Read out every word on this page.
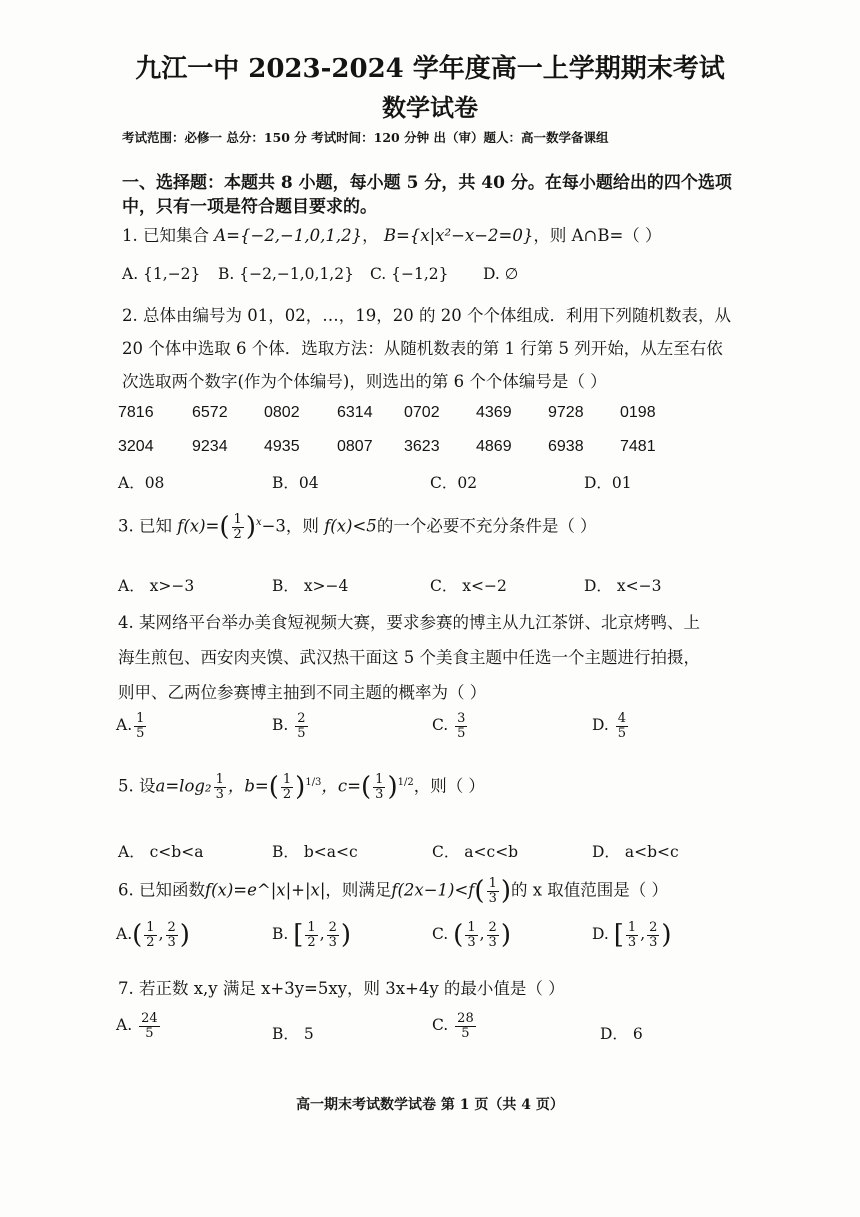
九江一中 2023-2024 学年度高一上学期期末考试
数学试卷
考试范围：必修一 总分：150 分 考试时间：120 分钟 出（审）题人：高一数学备课组
一、选择题：本题共 8 小题，每小题 5 分，共 40 分。在每小题给出的四个选项
中，只有一项是符合题目要求的。
1. 已知集合 A={−2,−1,0,1,2}， B={x|x²−x−2=0}，则 A∩B=（ ）
A. {1,−2} B. {−2,−1,0,1,2} C. {−1,2} D. ∅
2. 总体由编号为 01，02，…，19，20 的 20 个个体组成．利用下列随机数表，从
20 个体中选取 6 个体．选取方法：从随机数表的第 1 行第 5 列开始，从左至右依
次选取两个数字(作为个体编号)，则选出的第 6 个个体编号是（ ）
7816 6572 0802 6314 0702 4369 9728 0198
3204 9234 4935 0807 3623 4869 6938 7481
A．08	B．04	C．02	D．01
3. 已知 $f(x)=( \frac{1}{2} )^x-3$，则 f(x)<5的一个必要不充分条件是（ ）
A． x>−3	B． x>−4	C． x<−2	D． x<−3
4. 某网络平台举办美食短视频大赛，要求参赛的博主从九江茶饼、北京烤鸭、上
海生煎包、西安肉夹馍、武汉热干面这 5 个美食主题中任选一个主题进行拍摄，
则甲、乙两位参赛博主抽到不同主题的概率为（ ）
A. $\frac{1}{5}$	B. $\frac{2}{5}$	C. $\frac{3}{5}$	D. $\frac{4}{5}$
5. 设$a=\log_2 \frac{1}{3}$ ，$b=( \frac{1}{2} )^{1/3}$，$c=( \frac{1}{3} )^{1/2}$，则（ ）
A． c<b<a	B． b<a<c	C． a<c<b	D． a<b<c
6. 已知函数f(x)=e^|x|+|x|，则满足$f(2x-1)<f( \frac{1}{3}$ )的 x 取值范围是（ ）
$A.( \frac{1}{2}$ , $\frac{2}{3}$ )	B. [ $\frac{1}{2}$ , $\frac{2}{3}$ )	C. ( $\frac{1}{3}$ , $\frac{2}{3}$ )	D. [ $\frac{1}{3}$ , $\frac{2}{3}$ )
7. 若正数 x,y 满足 x+3y=5xy，则 3x+4y 的最小值是（ ）
A. $\frac{24}{5}$	B． 5	C. $\frac{28}{5}$	D． 6
高一期末考试数学试卷 第 1 页（共 4 页）
